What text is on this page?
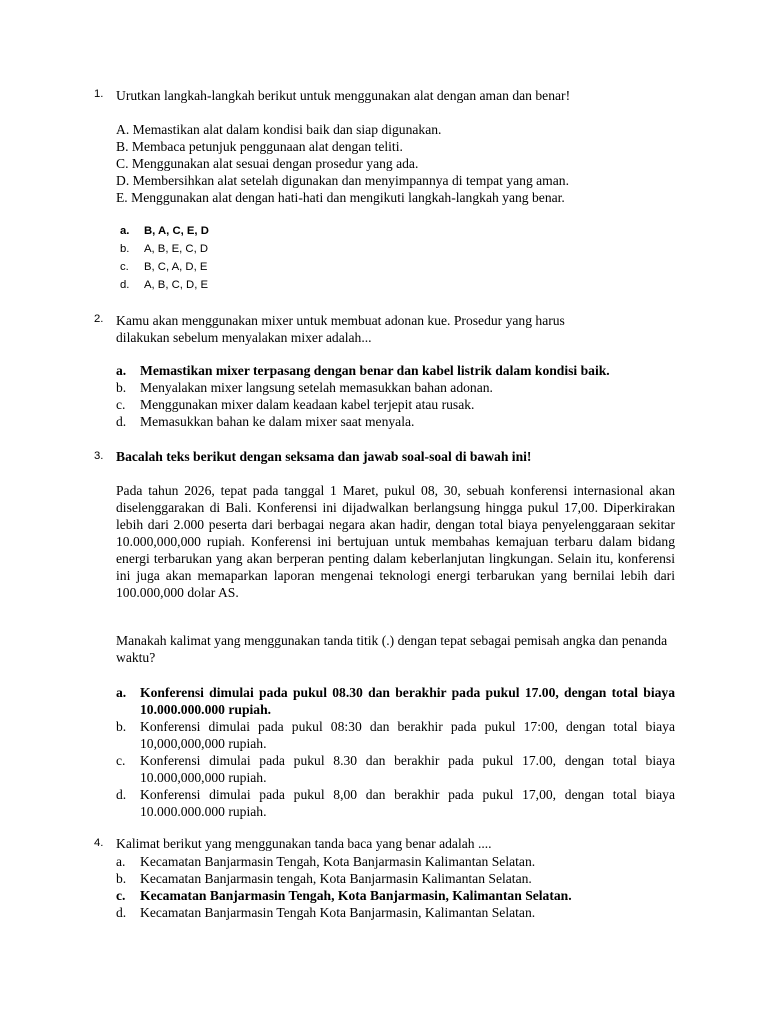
1. Urutkan langkah-langkah berikut untuk menggunakan alat dengan aman dan benar!
A. Memastikan alat dalam kondisi baik dan siap digunakan.
B. Membaca petunjuk penggunaan alat dengan teliti.
C. Menggunakan alat sesuai dengan prosedur yang ada.
D. Membersihkan alat setelah digunakan dan menyimpannya di tempat yang aman.
E. Menggunakan alat dengan hati-hati dan mengikuti langkah-langkah yang benar.
a. B, A, C, E, D
b. A, B, E, C, D
c. B, C, A, D, E
d. A, B, C, D, E
2. Kamu akan menggunakan mixer untuk membuat adonan kue. Prosedur yang harus
dilakukan sebelum menyalakan mixer adalah...
a. Memastikan mixer terpasang dengan benar dan kabel listrik dalam kondisi baik.
b. Menyalakan mixer langsung setelah memasukkan bahan adonan.
c. Menggunakan mixer dalam keadaan kabel terjepit atau rusak.
d. Memasukkan bahan ke dalam mixer saat menyala.
3. Bacalah teks berikut dengan seksama dan jawab soal-soal di bawah ini!
Pada tahun 2026, tepat pada tanggal 1 Maret, pukul 08, 30, sebuah konferensi internasional akan diselenggarakan di Bali. Konferensi ini dijadwalkan berlangsung hingga pukul 17,00. Diperkirakan lebih dari 2.000 peserta dari berbagai negara akan hadir, dengan total biaya penyelenggaraan sekitar 10.000,000,000 rupiah. Konferensi ini bertujuan untuk membahas kemajuan terbaru dalam bidang energi terbarukan yang akan berperan penting dalam keberlanjutan lingkungan. Selain itu, konferensi ini juga akan memaparkan laporan mengenai teknologi energi terbarukan yang bernilai lebih dari 100.000,000 dolar AS.
Manakah kalimat yang menggunakan tanda titik (.) dengan tepat sebagai pemisah angka dan penanda waktu?
a. Konferensi dimulai pada pukul 08.30 dan berakhir pada pukul 17.00, dengan total biaya 10.000.000.000 rupiah.
b. Konferensi dimulai pada pukul 08:30 dan berakhir pada pukul 17:00, dengan total biaya 10,000,000,000 rupiah.
c. Konferensi dimulai pada pukul 8.30 dan berakhir pada pukul 17.00, dengan total biaya 10.000,000,000 rupiah.
d. Konferensi dimulai pada pukul 8,00 dan berakhir pada pukul 17,00, dengan total biaya 10.000.000.000 rupiah.
4. Kalimat berikut yang menggunakan tanda baca yang benar adalah ....
a. Kecamatan Banjarmasin Tengah, Kota Banjarmasin Kalimantan Selatan.
b. Kecamatan Banjarmasin tengah, Kota Banjarmasin Kalimantan Selatan.
c. Kecamatan Banjarmasin Tengah, Kota Banjarmasin, Kalimantan Selatan.
d. Kecamatan Banjarmasin Tengah Kota Banjarmasin, Kalimantan Selatan.
